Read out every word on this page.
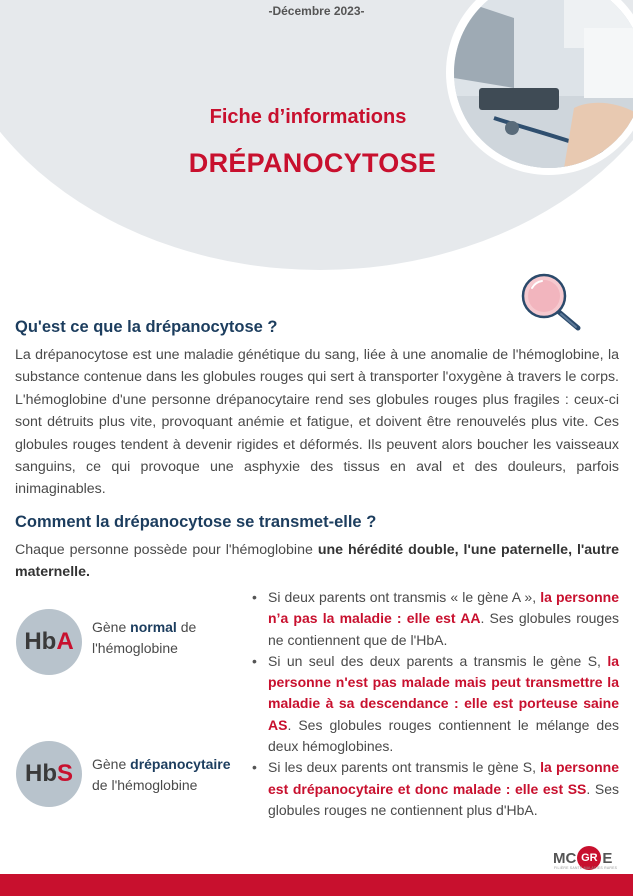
-Décembre 2023-
Fiche d’informations
DRÉPANOCYTOSE
Qu'est ce que la drépanocytose ?

La drépanocytose est une maladie génétique du sang, liée à une anomalie de l'hémoglobine, la substance contenue dans les globules rouges qui sert à transporter l'oxygène à travers le corps. L'hémoglobine d'une personne drépanocytaire rend ses globules rouges plus fragiles : ceux-ci sont détruits plus vite, provoquant anémie et fatigue, et doivent être renouvelés plus vite. Ces globules rouges tendent à devenir rigides et déformés. Ils peuvent alors boucher les vaisseaux sanguins, ce qui provoque une asphyxie des tissus en aval et des douleurs, parfois inimaginables.

Comment la drépanocytose se transmet-elle ?

Chaque personne possède pour l'hémoglobine une hérédité double, l'une paternelle, l'autre maternelle.

Hb A
Gène normal de
l'hémoglobine
Hb S Gène drépanocytaire
de l'hémoglobine
• Si deux parents ont transmis « le gène A », la personne n’a pas la maladie : elle est AA. Ses globules rouges ne contiennent que de l'HbA.
• Si un seul des deux parents a transmis le gène S, la personne n'est pas malade mais peut transmettre la maladie à sa descendance : elle est porteuse saine AS. Ses globules rouges contiennent le mélange des deux hémoglobines.
• Si les deux parents ont transmis le gène S, la personne est drépanocytaire et donc malade : elle est SS. Ses globules rouges ne contiennent plus d'HbA.
MC GR E
FILIÈRE SANTÉ MALADIES RARES
